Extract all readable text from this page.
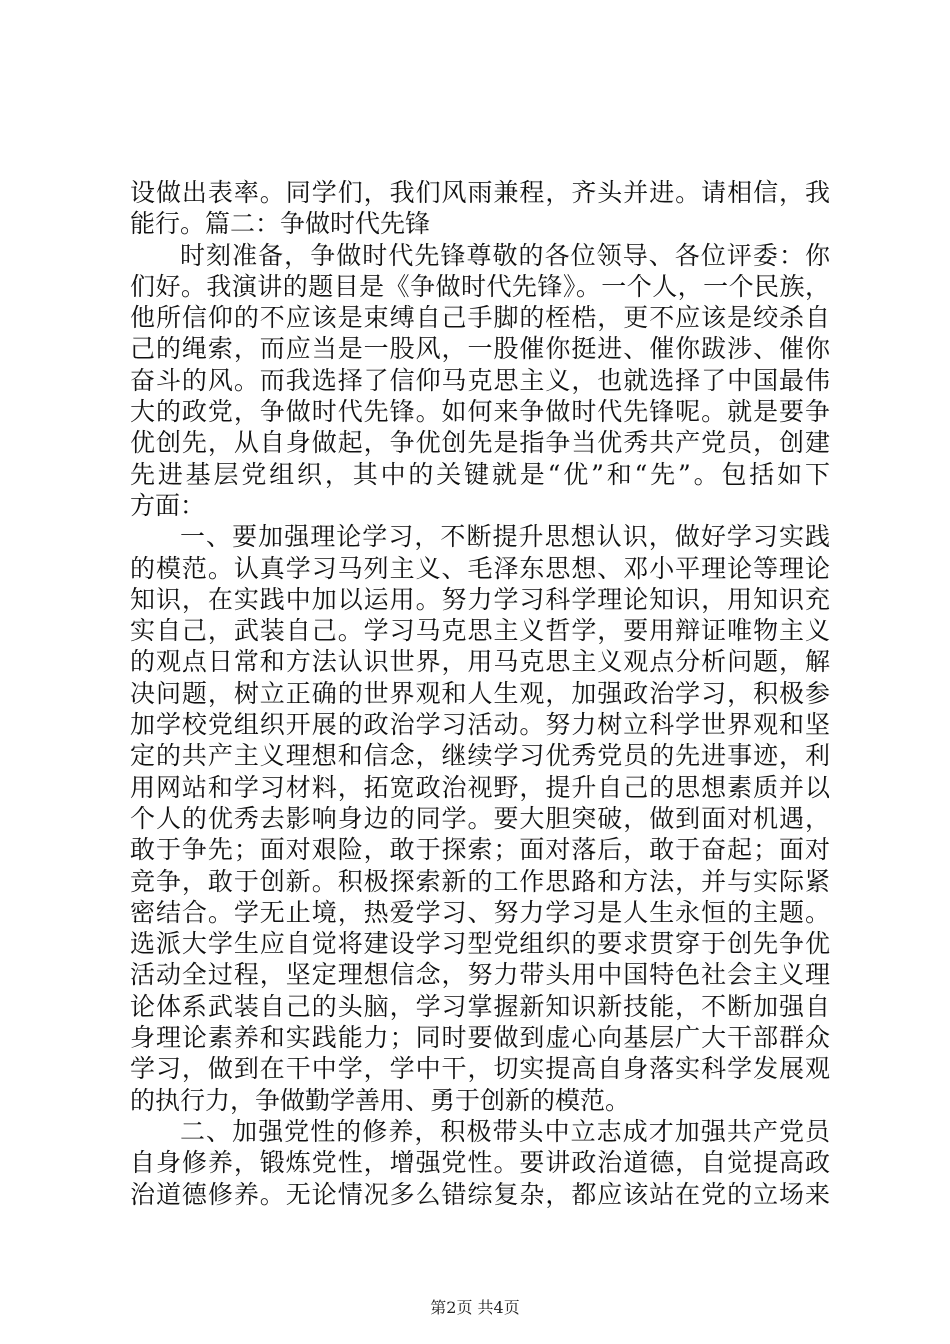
设做出表率。同学们，我们风雨兼程，齐头并进。请相信，我
能行。篇二：争做时代先锋
时刻准备，争做时代先锋尊敬的各位领导、各位评委：你
们好。我演讲的题目是《争做时代先锋》。一个人，一个民族，
他所信仰的不应该是束缚自己手脚的桎梏，更不应该是绞杀自
己的绳索，而应当是一股风，一股催你挺进、催你跋涉、催你
奋斗的风。而我选择了信仰马克思主义，也就选择了中国最伟
大的政党，争做时代先锋。如何来争做时代先锋呢。就是要争
优创先，从自身做起，争优创先是指争当优秀共产党员，创建
先进基层党组织，其中的关键就是“优”和“先”。包括如下
方面：
一、要加强理论学习，不断提升思想认识，做好学习实践
的模范。认真学习马列主义、毛泽东思想、邓小平理论等理论
知识，在实践中加以运用。努力学习科学理论知识，用知识充
实自己，武装自己。学习马克思主义哲学，要用辩证唯物主义
的观点日常和方法认识世界，用马克思主义观点分析问题，解
决问题，树立正确的世界观和人生观，加强政治学习，积极参
加学校党组织开展的政治学习活动。努力树立科学世界观和坚
定的共产主义理想和信念，继续学习优秀党员的先进事迹，利
用网站和学习材料，拓宽政治视野，提升自己的思想素质并以
个人的优秀去影响身边的同学。要大胆突破，做到面对机遇，
敢于争先；面对艰险，敢于探索；面对落后，敢于奋起；面对
竞争，敢于创新。积极探索新的工作思路和方法，并与实际紧
密结合。学无止境，热爱学习、努力学习是人生永恒的主题。
选派大学生应自觉将建设学习型党组织的要求贯穿于创先争优
活动全过程，坚定理想信念，努力带头用中国特色社会主义理
论体系武装自己的头脑，学习掌握新知识新技能，不断加强自
身理论素养和实践能力；同时要做到虚心向基层广大干部群众
学习，做到在干中学，学中干，切实提高自身落实科学发展观
的执行力，争做勤学善用、勇于创新的模范。
二、加强党性的修养，积极带头中立志成才加强共产党员
自身修养，锻炼党性，增强党性。要讲政治道德，自觉提高政
治道德修养。无论情况多么错综复杂，都应该站在党的立场来
第2页 共4页
